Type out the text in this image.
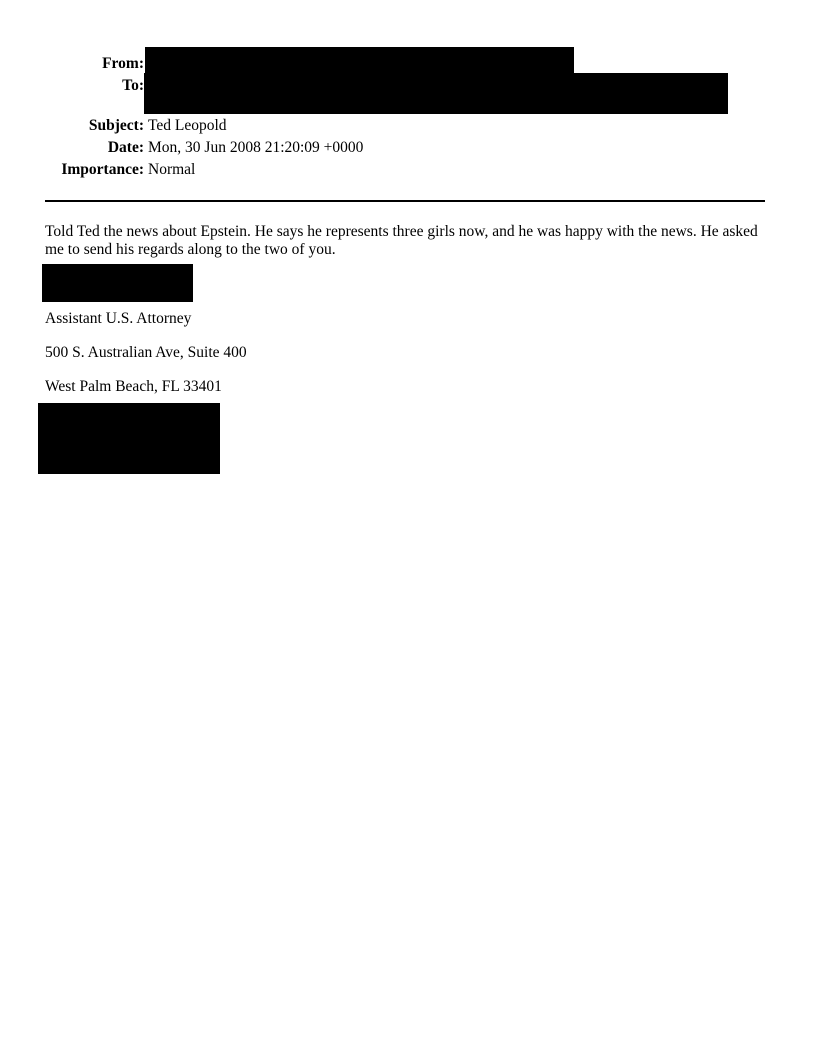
From:
To:
Subject: Ted Leopold
Date: Mon, 30 Jun 2008 21:20:09 +0000
Importance: Normal
Told Ted the news about Epstein. He says he represents three girls now, and he was happy with the news. He asked me to send his regards along to the two of you.
Assistant U.S. Attorney
500 S. Australian Ave, Suite 400
West Palm Beach, FL 33401
